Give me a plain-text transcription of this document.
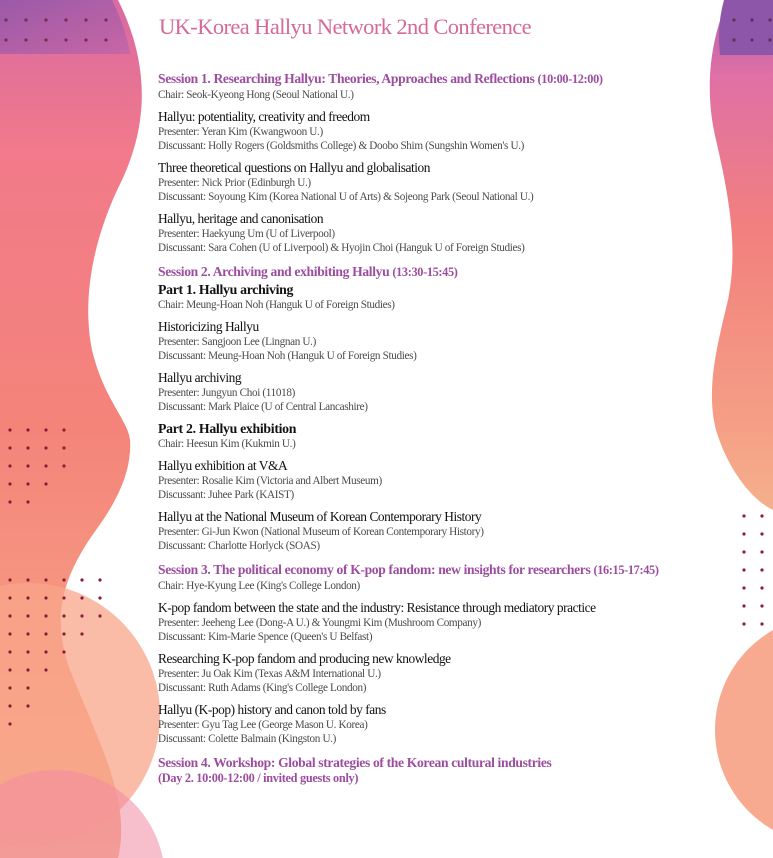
UK-Korea Hallyu Network 2nd Conference
Session 1. Researching Hallyu: Theories, Approaches and Reflections (10:00-12:00)
Chair: Seok-Kyeong Hong (Seoul National U.)
Hallyu: potentiality, creativity and freedom
Presenter: Yeran Kim (Kwangwoon U.)
Discussant: Holly Rogers (Goldsmiths College) & Doobo Shim (Sungshin Women's U.)
Three theoretical questions on Hallyu and globalisation
Presenter: Nick Prior (Edinburgh U.)
Discussant: Soyoung Kim (Korea National U of Arts) & Sojeong Park (Seoul National U.)
Hallyu, heritage and canonisation
Presenter: Haekyung Um (U of Liverpool)
Discussant: Sara Cohen (U of Liverpool) & Hyojin Choi (Hanguk U of Foreign Studies)
Session 2. Archiving and exhibiting Hallyu (13:30-15:45)
Part 1. Hallyu archiving
Chair: Meung-Hoan Noh (Hanguk U of Foreign Studies)
Historicizing Hallyu
Presenter: Sangjoon Lee (Lingnan U.)
Discussant: Meung-Hoan Noh (Hanguk U of Foreign Studies)
Hallyu archiving
Presenter: Jungyun Choi (11018)
Discussant: Mark Plaice (U of Central Lancashire)
Part 2. Hallyu exhibition
Chair: Heesun Kim (Kukmin U.)
Hallyu exhibition at V&A
Presenter: Rosalie Kim (Victoria and Albert Museum)
Discussant: Juhee Park (KAIST)
Hallyu at the National Museum of Korean Contemporary History
Presenter: Gi-Jun Kwon (National Museum of Korean Contemporary History)
Discussant: Charlotte Horlyck (SOAS)
Session 3. The political economy of K-pop fandom: new insights for researchers (16:15-17:45)
Chair: Hye-Kyung Lee (King's College London)
K-pop fandom between the state and the industry: Resistance through mediatory practice
Presenter: Jeeheng Lee (Dong-A U.) & Youngmi Kim (Mushroom Company)
Discussant: Kim-Marie Spence (Queen's U Belfast)
Researching K-pop fandom and producing new knowledge
Presenter: Ju Oak Kim (Texas A&M International U.)
Discussant: Ruth Adams (King's College London)
Hallyu (K-pop) history and canon told by fans
Presenter: Gyu Tag Lee (George Mason U. Korea)
Discussant: Colette Balmain (Kingston U.)
Session 4. Workshop: Global strategies of the Korean cultural industries
(Day 2. 10:00-12:00 / invited guests only)
